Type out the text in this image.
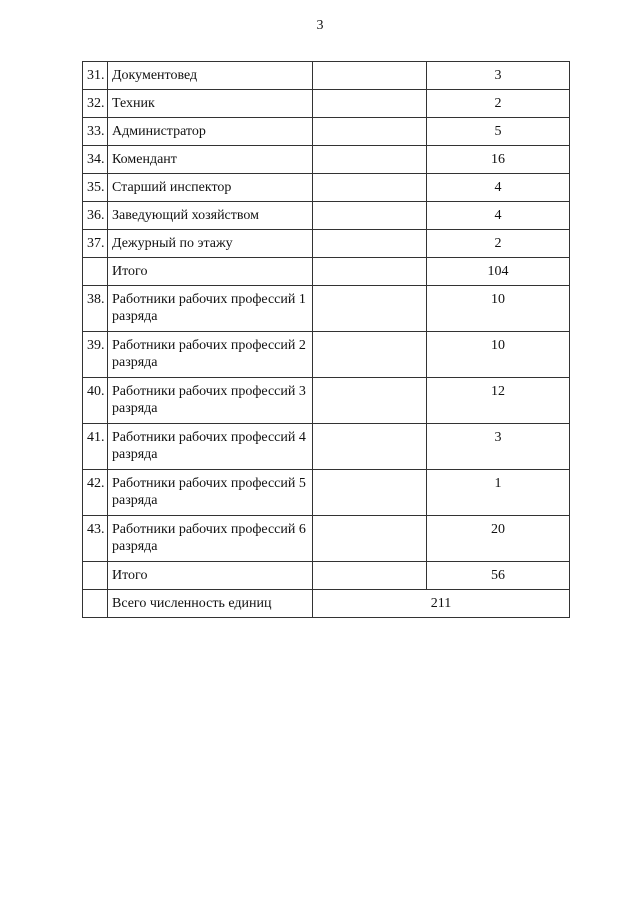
3
31.	Документовед		3
32.	Техник		2
33.	Администратор		5
34.	Комендант		16
35.	Старший инспектор		4
36.	Заведующий хозяйством		4
37.	Дежурный по этажу		2
	Итого		104
38.	Работники рабочих профессий 1 разряда		10
39.	Работники рабочих профессий 2 разряда		10
40.	Работники рабочих профессий 3 разряда		12
41.	Работники рабочих профессий 4 разряда		3
42.	Работники рабочих профессий 5 разряда		1
43.	Работники рабочих профессий 6 разряда		20
	Итого		56
	Всего численность единиц	211	
